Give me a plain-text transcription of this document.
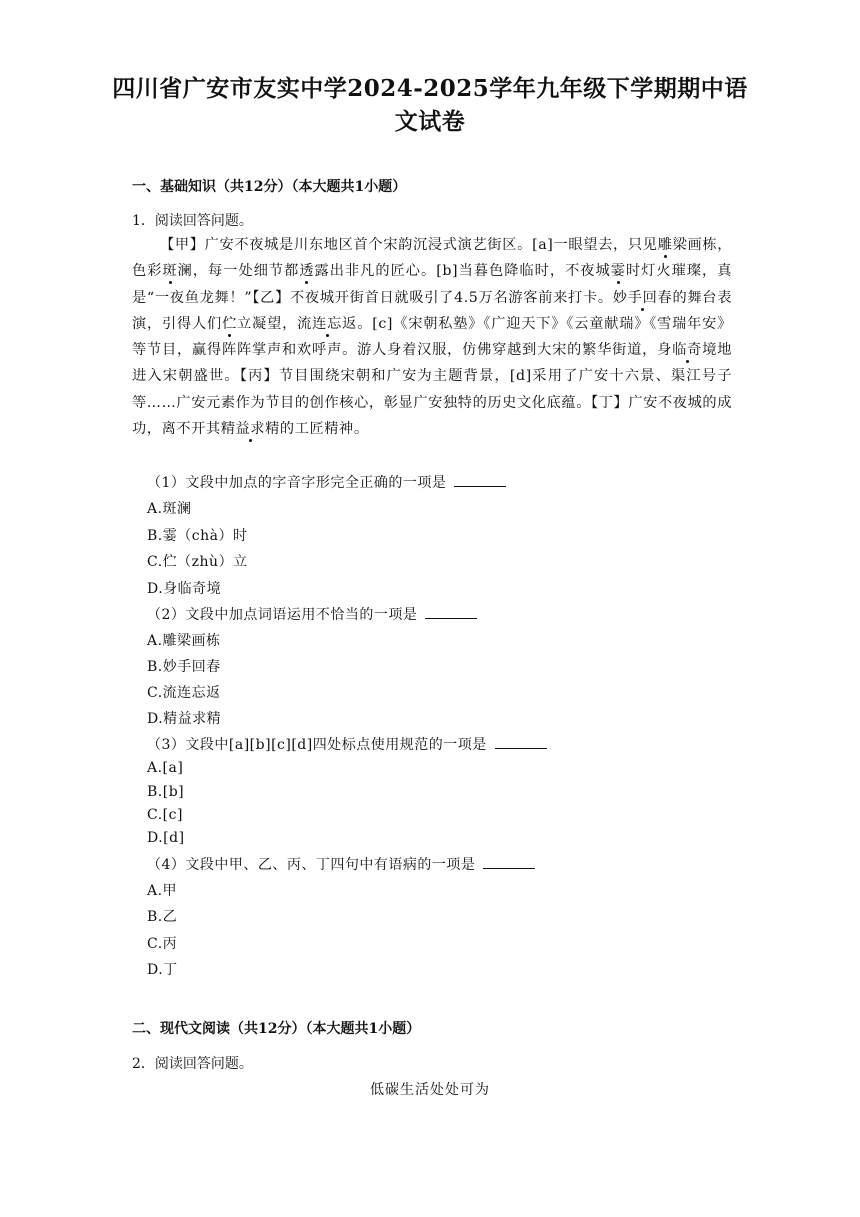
四川省广安市友实中学2024-2025学年九年级下学期期中语
文试卷
一、基础知识（共12分）（本大题共1小题）
1．阅读回答问题。
【甲】广安不夜城是川东地区首个宋韵沉浸式演艺街区。[a]一眼望去，只见雕梁画栋，色彩斑澜，每一处细节都透露出非凡的匠心。[b]当暮色降临时，不夜城霎时灯火璀璨，真是“一夜鱼龙舞！”【乙】不夜城开街首日就吸引了4.5万名游客前来打卡。妙手回春的舞台表演，引得人们伫立凝望，流连忘返。[c]《宋朝私塾》《广迎天下》《云童献瑞》《雪瑞年安》等节目，赢得阵阵掌声和欢呼声。游人身着汉服，仿佛穿越到大宋的繁华街道，身临奇境地进入宋朝盛世。【丙】节目围绕宋朝和广安为主题背景，[d]采用了广安十六景、渠江号子等……广安元素作为节目的创作核心，彰显广安独特的历史文化底蕴。【丁】广安不夜城的成功，离不开其精益求精的工匠精神。
（1）文段中加点的字音字形完全正确的一项是
A.斑澜
B.霎（chà）时
C.伫（zhù）立
D.身临奇境
（2）文段中加点词语运用不恰当的一项是
A.雕梁画栋
B.妙手回春
C.流连忘返
D.精益求精
（3）文段中[a][b][c][d]四处标点使用规范的一项是
A.[a]
B.[b]
C.[c]
D.[d]
（4）文段中甲、乙、丙、丁四句中有语病的一项是
A.甲
B.乙
C.丙
D.丁
二、现代文阅读（共12分）（本大题共1小题）
2．阅读回答问题。
低碳生活处处可为
